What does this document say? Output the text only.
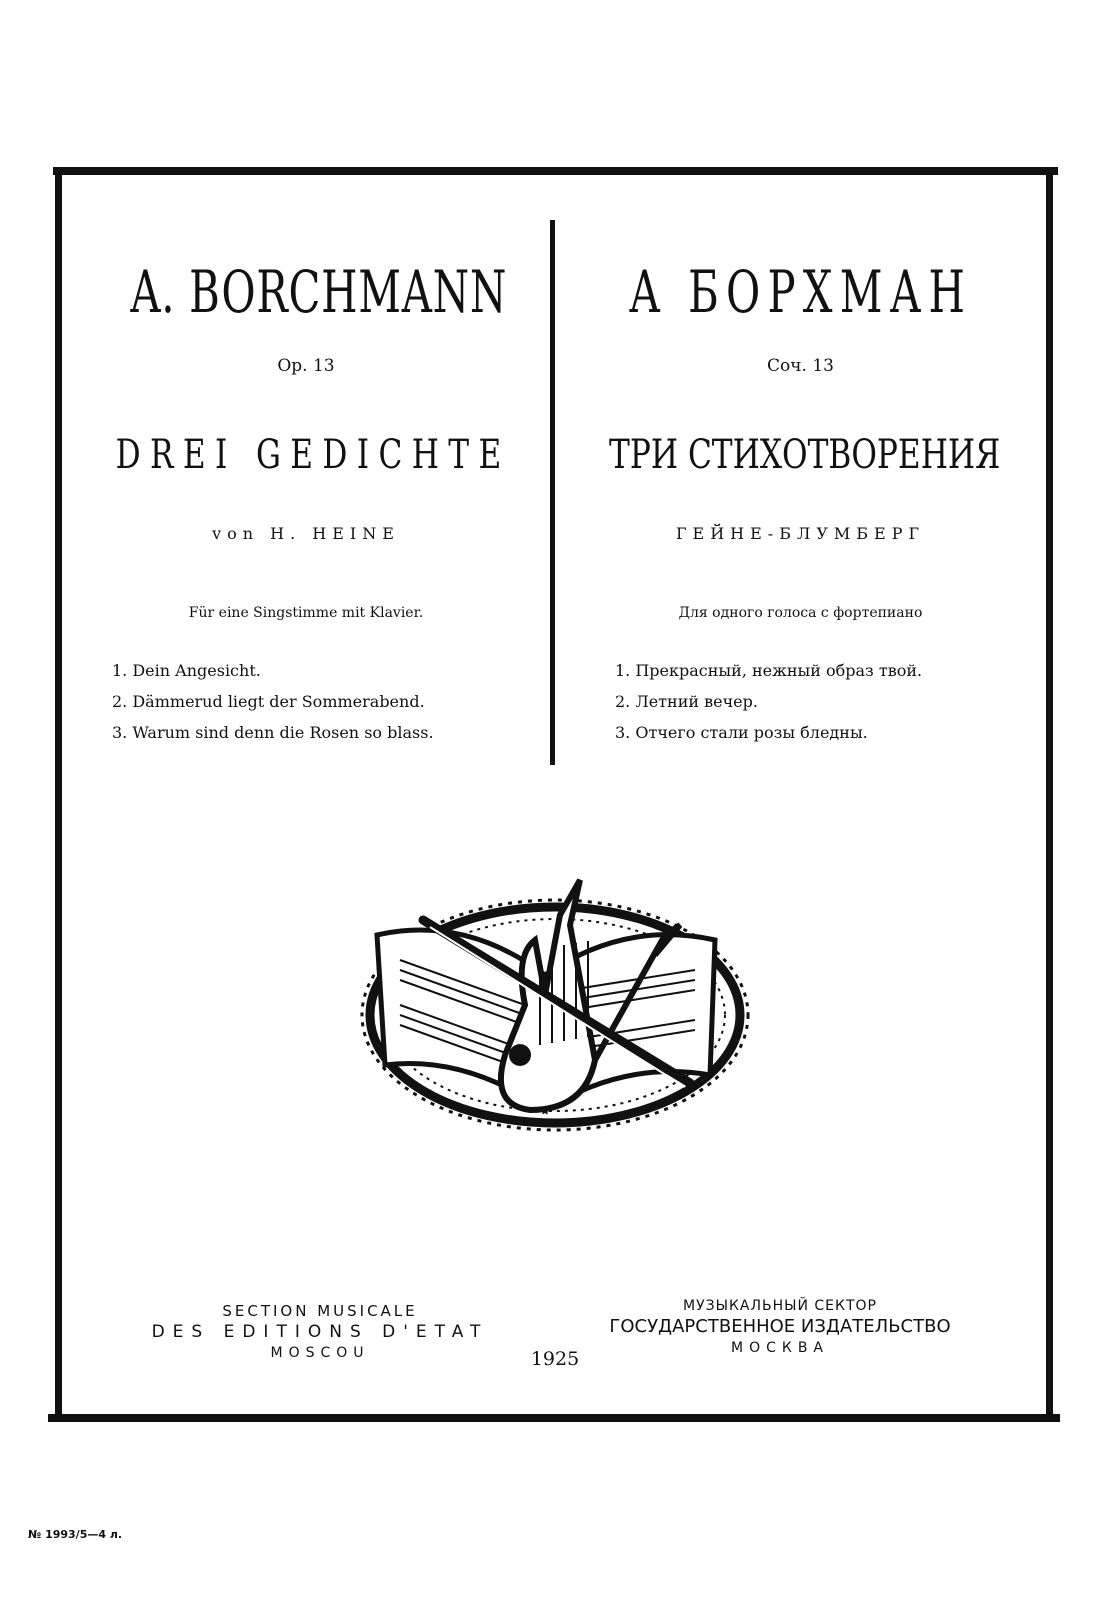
A. BORCHMANN
Op. 13
DREI GEDICHTE
von H. HEINE
Für eine Singstimme mit Klavier.
1. Dein Angesicht.
2. Dämmerud liegt der Sommerabend.
3. Warum sind denn die Rosen so blass.
А БОРХМАН
Соч. 13
ТРИ СТИХОТВОРЕНИЯ
ГЕЙНЕ-БЛУМБЕРГ
Для одного голоса с фортепиано
1. Прекрасный, нежный образ твой.
2. Летний вечер.
3. Отчего стали розы бледны.
SECTION MUSICALE
DES EDITIONS D'ETAT
MOSCOU	1925
МУЗЫКАЛЬНЫЙ СЕКТОР
ГОСУДАРСТВЕННОЕ ИЗДАТЕЛЬСТВО
МОСКВА
№ 1993/5—4 л.
